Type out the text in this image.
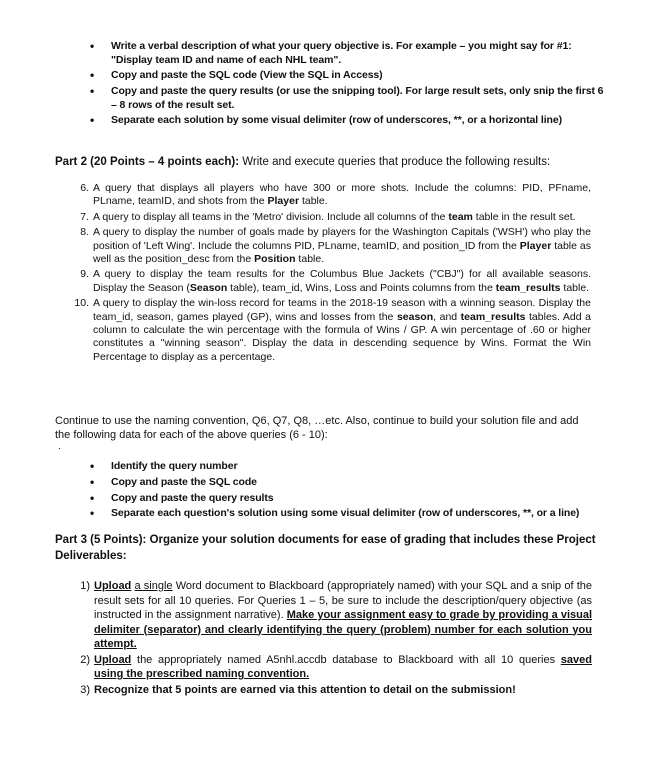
• Write a verbal description of what your query objective is. For example – you might say for #1: "Display team ID and name of each NHL team".
• Copy and paste the SQL code (View the SQL in Access)
• Copy and paste the query results (or use the snipping tool). For large result sets, only snip the first 6 – 8 rows of the result set.
• Separate each solution by some visual delimiter (row of underscores, **, or a horizontal line)
Part 2 (20 Points – 4 points each): Write and execute queries that produce the following results:
6. A query that displays all players who have 300 or more shots. Include the columns: PID, PFname, PLname, teamID, and shots from the Player table.
7. A query to display all teams in the 'Metro' division. Include all columns of the team table in the result set.
8. A query to display the number of goals made by players for the Washington Capitals ('WSH') who play the position of 'Left Wing'. Include the columns PID, PLname, teamID, and position_ID from the Player table as well as the position_desc from the Position table.
9. A query to display the team results for the Columbus Blue Jackets ("CBJ") for all available seasons. Display the Season (Season table), team_id, Wins, Loss and Points columns from the team_results table.
10. A query to display the win-loss record for teams in the 2018-19 season with a winning season. Display the team_id, season, games played (GP), wins and losses from the season, and team_results tables. Add a column to calculate the win percentage with the formula of Wins / GP. A win percentage of .60 or higher constitutes a "winning season". Display the data in descending sequence by Wins. Format the Win Percentage to display as a percentage.
Continue to use the naming convention, Q6, Q7, Q8, …etc. Also, continue to build your solution file and add the following data for each of the above queries (6 - 10):
.
• Identify the query number
• Copy and paste the SQL code
• Copy and paste the query results
• Separate each question's solution using some visual delimiter (row of underscores, **, or a line)
Part 3 (5 Points): Organize your solution documents for ease of grading that includes these Project Deliverables:
1) Upload a single Word document to Blackboard (appropriately named) with your SQL and a snip of the result sets for all 10 queries. For Queries 1 – 5, be sure to include the description/query objective (as instructed in the assignment narrative). Make your assignment easy to grade by providing a visual delimiter (separator) and clearly identifying the query (problem) number for each solution you attempt.
2) Upload the appropriately named A5nhl.accdb database to Blackboard with all 10 queries saved using the prescribed naming convention.
3) Recognize that 5 points are earned via this attention to detail on the submission!
